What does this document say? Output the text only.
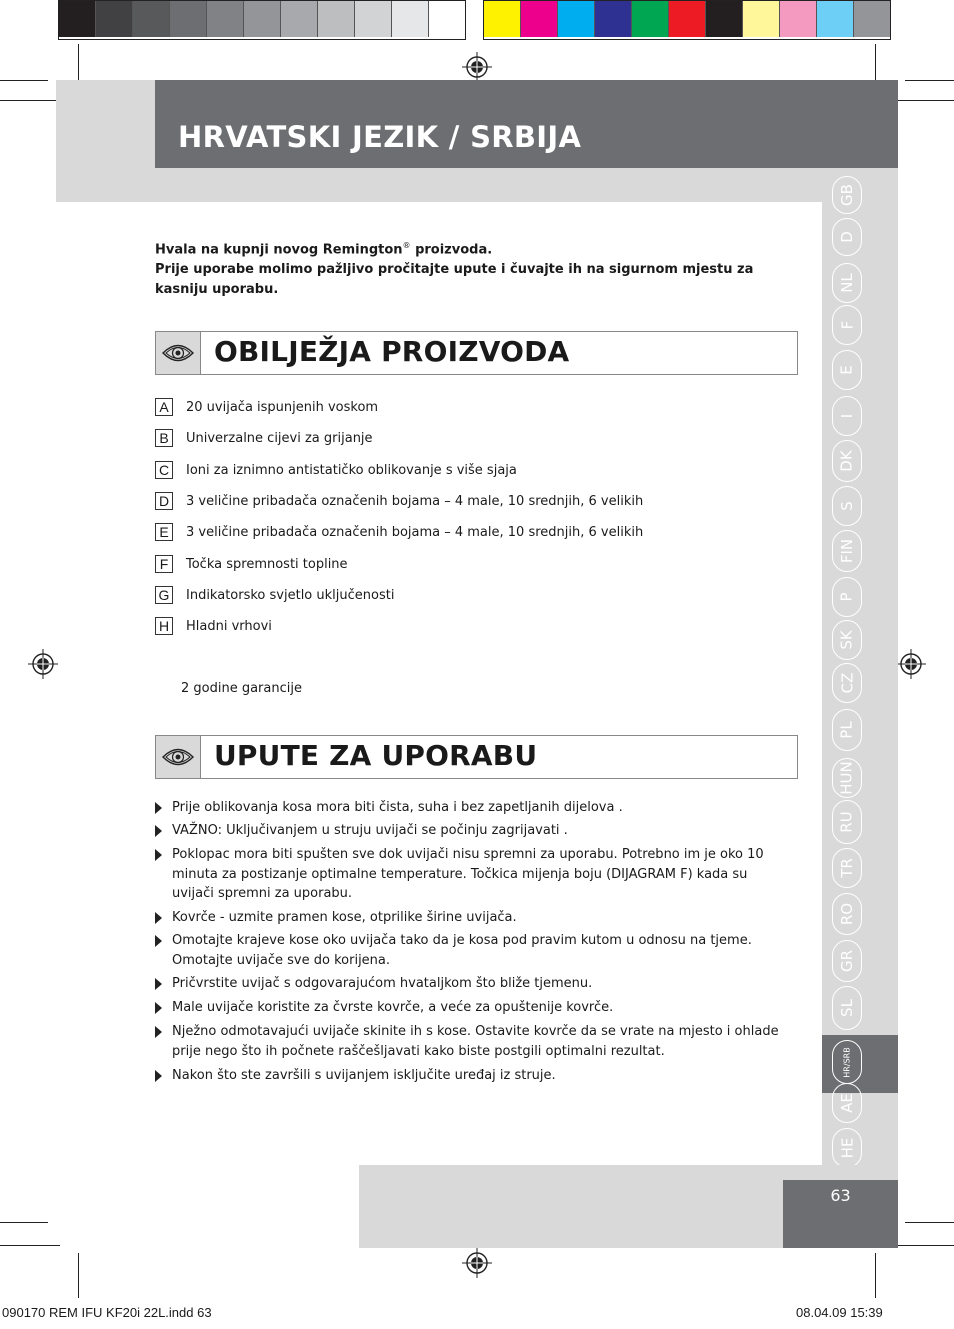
HRVATSKI JEZIK / SRBIJA
GB
D
NL
F
E
I
DK
S
FIN
P
SK
CZ
PL
HUN
RU
TR
RO
GR
SL
HR/SRB
AE
HE
63

Hvala na kupnji novog Remington® proizvoda.

Prije uporabe molimo pažljivo pročitajte upute i čuvajte ih na sigurnom mjestu za kasniju uporabu.

OBILJEŽJA PROIZVODA
A	20 uvijača ispunjenih voskom
B	Univerzalne cijevi za grijanje
C	Ioni za iznimno antistatičko oblikovanje s više sjaja
D	3 veličine pribadača označenih bojama – 4 male, 10 srednjih, 6 velikih
E	3 veličine pribadača označenih bojama – 4 male, 10 srednjih, 6 velikih
F	Točka spremnosti topline
G Indikatorsko svjetlo uključenosti
H	Hladni vrhovi
2 godine garancije
UPUTE ZA UPORABU
Prije oblikovanja kosa mora biti čista, suha i bez zapetljanih dijelova .
VAŽNO: Uključivanjem u struju uvijači se počinju zagrijavati .
Poklopac mora biti spušten sve dok uvijači nisu spremni za uporabu. Potrebno im je oko 10 minuta za postizanje optimalne temperature. Točkica mijenja boju (DIJAGRAM F) kada su uvijači spremni za uporabu.
Kovrče - uzmite pramen kose, otprilike širine uvijača.
Omotajte krajeve kose oko uvijača tako da je kosa pod pravim kutom u odnosu na tjeme. Omotajte uvijače sve do korijena.
Pričvrstite uvijač s odgovarajućom hvataljkom što bliže tjemenu.
Male uvijače koristite za čvrste kovrče, a veće za opuštenije kovrče.
Nježno odmotavajući uvijače skinite ih s kose. Ostavite kovrče da se vrate na mjesto i ohlade prije nego što ih počnete raščešljavati kako biste postgili optimalni rezultat.
Nakon što ste završili s uvijanjem isključite uređaj iz struje.
090170 REM IFU KF20i 22L.indd 63	08.04.09 15:39
